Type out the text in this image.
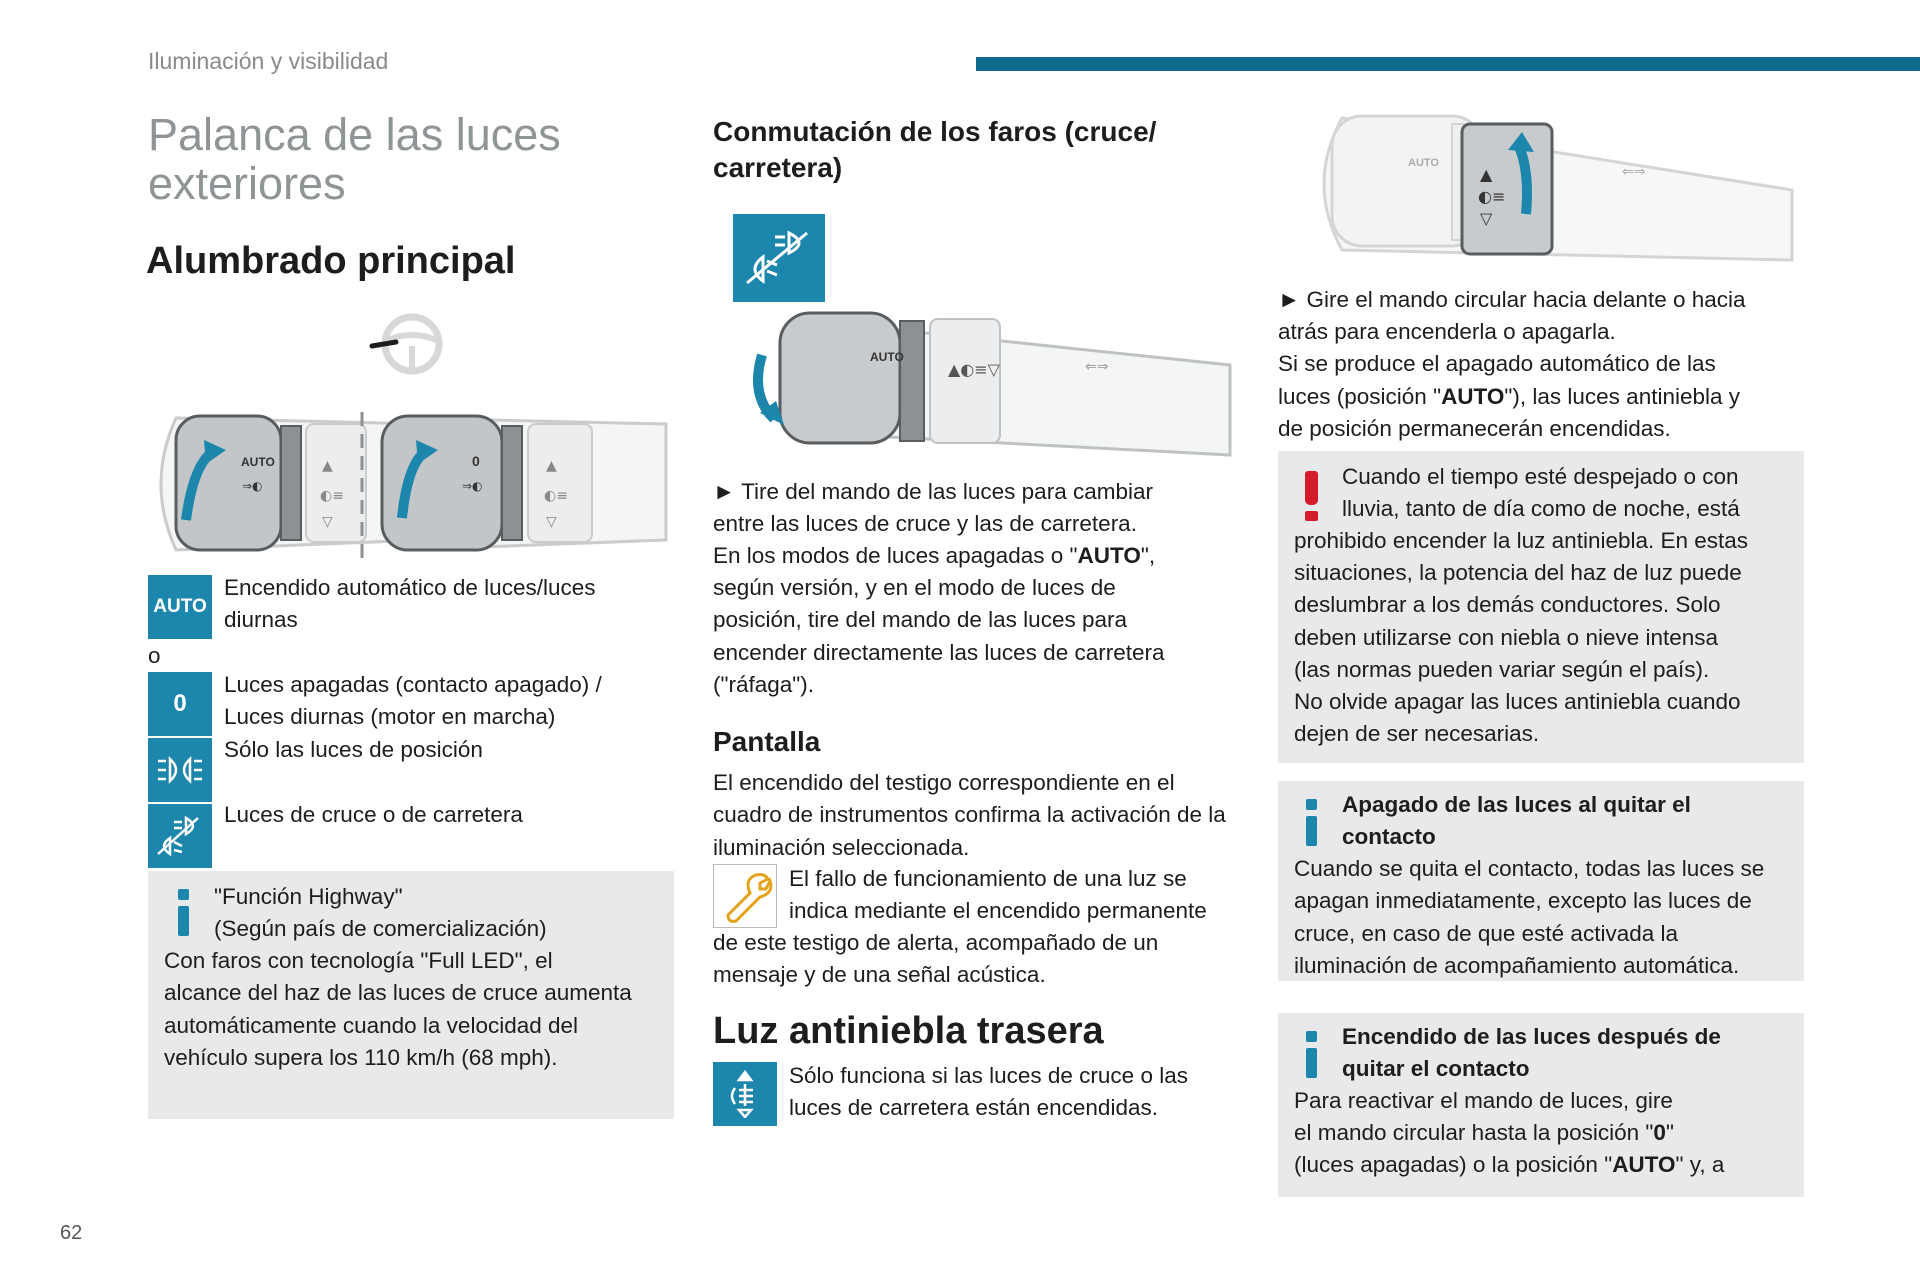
Iluminación y visibilidad
Palanca de las luces exteriores
Alumbrado principal
AUTO
⇒◐
▲
◐≡
▽
0
⇒◐
▲
◐≡
▽
AUTO
Encendido automático de luces/luces diurnas
o
0
Luces apagadas (contacto apagado) / Luces diurnas (motor en marcha)
Sólo las luces de posición
Luces de cruce o de carretera
"Función Highway"
(Según país de comercialización)
Con faros con tecnología "Full LED", el alcance del haz de las luces de cruce aumenta automáticamente cuando la velocidad del vehículo supera los 110 km/h (68 mph).
Conmutación de los faros (cruce/ carretera)
AUTO
▲◐≡▽	⇐⇒
► Tire del mando de las luces para cambiar
entre las luces de cruce y las de carretera.
En los modos de luces apagadas o "AUTO",
según versión, y en el modo de luces de
posición, tire del mando de las luces para
encender directamente las luces de carretera
("ráfaga").
Pantalla
El encendido del testigo correspondiente en el cuadro de instrumentos confirma la activación de la iluminación seleccionada.
El fallo de funcionamiento de una luz se
indica mediante el encendido permanente
de este testigo de alerta, acompañado de un
mensaje y de una señal acústica.
Luz antiniebla trasera
Sólo funciona si las luces de cruce o las
luces de carretera están encendidas.
AUTO
▲
◐≡
▽
⇐⇒
► Gire el mando circular hacia delante o hacia
atrás para encenderla o apagarla.
Si se produce el apagado automático de las
luces (posición "AUTO"), las luces antiniebla y
de posición permanecerán encendidas.
Cuando el tiempo esté despejado o con
lluvia, tanto de día como de noche, está
prohibido encender la luz antiniebla. En estas
situaciones, la potencia del haz de luz puede
deslumbrar a los demás conductores. Solo
deben utilizarse con niebla o nieve intensa
(las normas pueden variar según el país).
No olvide apagar las luces antiniebla cuando
dejen de ser necesarias.
Apagado de las luces al quitar el contacto
Cuando se quita el contacto, todas las luces se apagan inmediatamente, excepto las luces de cruce, en caso de que esté activada la iluminación de acompañamiento automática.
Encendido de las luces después de quitar el contacto
Para reactivar el mando de luces, gire
el mando circular hasta la posición "0"
(luces apagadas) o la posición "AUTO" y, a
62
